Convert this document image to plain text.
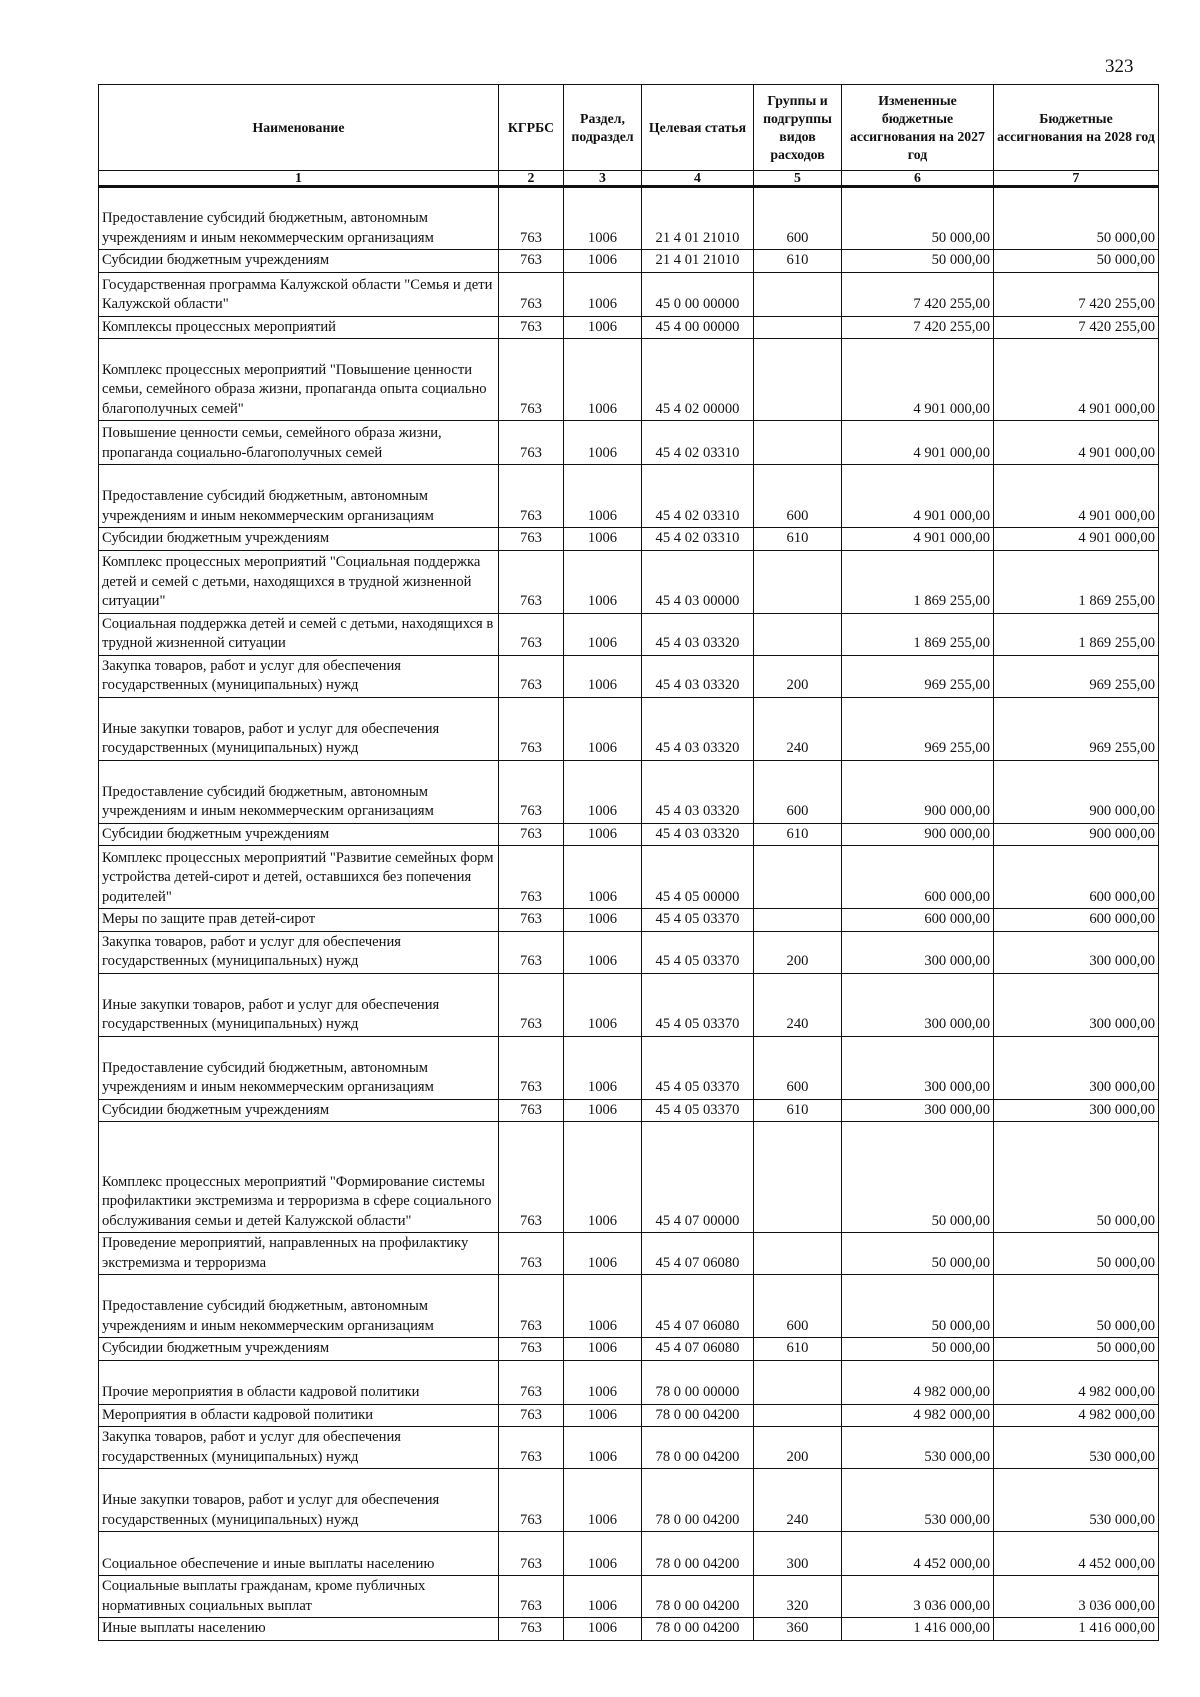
323
Наименование	КГРБС	Раздел, подраздел	Целевая статья	Группы и подгруппы видов расходов	Измененные бюджетные ассигнования на 2027 год	Бюджетные ассигнования на 2028 год
1	2	3	4	5	6	7
Предоставление субсидий бюджетным, автономным учреждениям и иным некоммерческим организациям	763	1006	21 4 01 21010	600	50 000,00	50 000,00
Субсидии бюджетным учреждениям	763	1006	21 4 01 21010	610	50 000,00	50 000,00
Государственная программа Калужской области "Семья и дети Калужской области"	763	1006	45 0 00 00000		7 420 255,00	7 420 255,00
Комплексы процессных мероприятий	763	1006	45 4 00 00000		7 420 255,00	7 420 255,00
Комплекс процессных мероприятий "Повышение ценности семьи, семейного образа жизни, пропаганда опыта социально благополучных семей"	763	1006	45 4 02 00000		4 901 000,00	4 901 000,00
Повышение ценности семьи, семейного образа жизни, пропаганда социально-благополучных семей	763	1006	45 4 02 03310		4 901 000,00	4 901 000,00
Предоставление субсидий бюджетным, автономным учреждениям и иным некоммерческим организациям	763	1006	45 4 02 03310	600	4 901 000,00	4 901 000,00
Субсидии бюджетным учреждениям	763	1006	45 4 02 03310	610	4 901 000,00	4 901 000,00
Комплекс процессных мероприятий "Социальная поддержка детей и семей с детьми, находящихся в трудной жизненной ситуации"	763	1006	45 4 03 00000		1 869 255,00	1 869 255,00
Социальная поддержка детей и семей с детьми, находящихся в трудной жизненной ситуации	763	1006	45 4 03 03320		1 869 255,00	1 869 255,00
Закупка товаров, работ и услуг для обеспечения государственных (муниципальных) нужд	763	1006	45 4 03 03320	200	969 255,00	969 255,00
Иные закупки товаров, работ и услуг для обеспечения государственных (муниципальных) нужд	763	1006	45 4 03 03320	240	969 255,00	969 255,00
Предоставление субсидий бюджетным, автономным учреждениям и иным некоммерческим организациям	763	1006	45 4 03 03320	600	900 000,00	900 000,00
Субсидии бюджетным учреждениям	763	1006	45 4 03 03320	610	900 000,00	900 000,00
Комплекс процессных мероприятий "Развитие семейных форм устройства детей-сирот и детей, оставшихся без попечения родителей"	763	1006	45 4 05 00000		600 000,00	600 000,00
Меры по защите прав детей-сирот	763	1006	45 4 05 03370		600 000,00	600 000,00
Закупка товаров, работ и услуг для обеспечения государственных (муниципальных) нужд	763	1006	45 4 05 03370	200	300 000,00	300 000,00
Иные закупки товаров, работ и услуг для обеспечения государственных (муниципальных) нужд	763	1006	45 4 05 03370	240	300 000,00	300 000,00
Предоставление субсидий бюджетным, автономным учреждениям и иным некоммерческим организациям	763	1006	45 4 05 03370	600	300 000,00	300 000,00
Субсидии бюджетным учреждениям	763	1006	45 4 05 03370	610	300 000,00	300 000,00
Комплекс процессных мероприятий "Формирование системы профилактики экстремизма и терроризма в сфере социального обслуживания семьи и детей Калужской области"	763	1006	45 4 07 00000		50 000,00	50 000,00
Проведение мероприятий, направленных на профилактику экстремизма и терроризма	763	1006	45 4 07 06080		50 000,00	50 000,00
Предоставление субсидий бюджетным, автономным учреждениям и иным некоммерческим организациям	763	1006	45 4 07 06080	600	50 000,00	50 000,00
Субсидии бюджетным учреждениям	763	1006	45 4 07 06080	610	50 000,00	50 000,00
Прочие мероприятия в области кадровой политики	763	1006	78 0 00 00000		4 982 000,00	4 982 000,00
Мероприятия в области кадровой политики	763	1006	78 0 00 04200		4 982 000,00	4 982 000,00
Закупка товаров, работ и услуг для обеспечения государственных (муниципальных) нужд	763	1006	78 0 00 04200	200	530 000,00	530 000,00
Иные закупки товаров, работ и услуг для обеспечения государственных (муниципальных) нужд	763	1006	78 0 00 04200	240	530 000,00	530 000,00
Социальное обеспечение и иные выплаты населению	763	1006	78 0 00 04200	300	4 452 000,00	4 452 000,00
Социальные выплаты гражданам, кроме публичных нормативных социальных выплат	763	1006	78 0 00 04200	320	3 036 000,00	3 036 000,00
Иные выплаты населению	763	1006	78 0 00 04200	360	1 416 000,00	1 416 000,00
